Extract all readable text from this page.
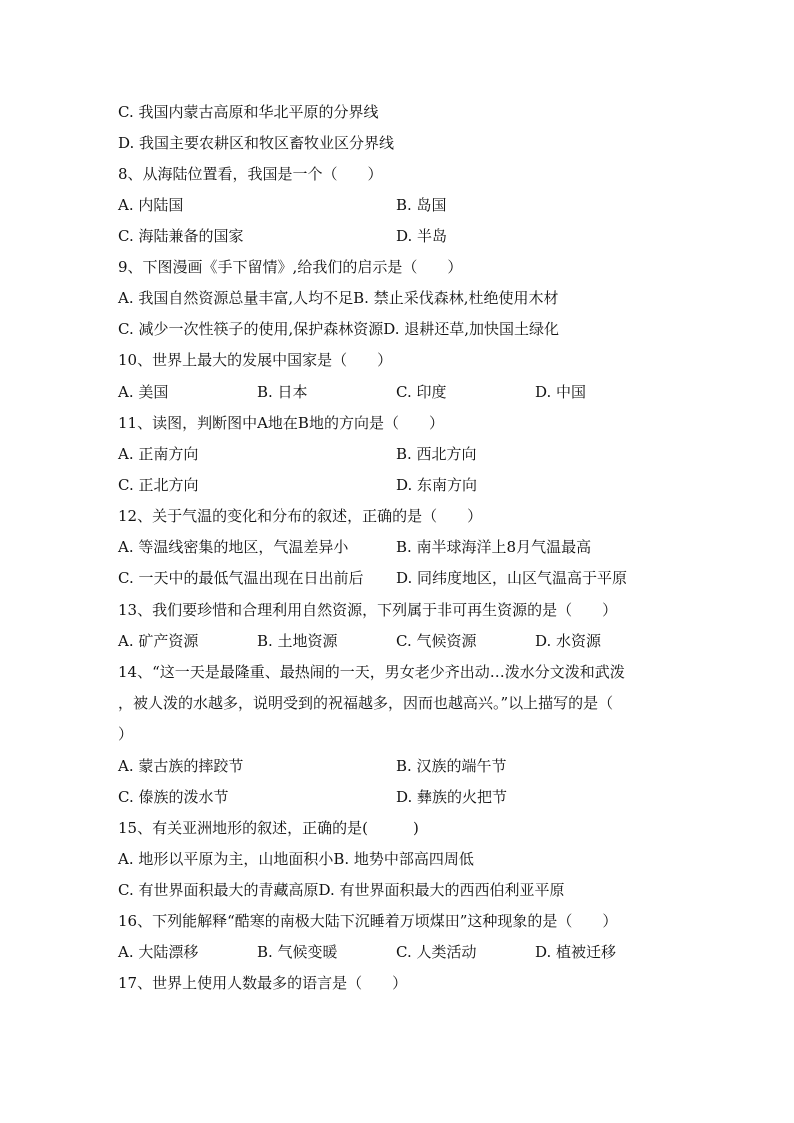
C. 我国内蒙古高原和华北平原的分界线
D. 我国主要农耕区和牧区畜牧业区分界线
8、从海陆位置看，我国是一个（　　）
A. 内陆国	B. 岛国
C. 海陆兼备的国家	D. 半岛
9、下图漫画《手下留情》,给我们的启示是（　　）
A. 我国自然资源总量丰富,人均不足B. 禁止采伐森林,杜绝使用木材
C. 减少一次性筷子的使用,保护森林资源D. 退耕还草,加快国土绿化
10、世界上最大的发展中国家是（　　）
A. 美国	B. 日本	C. 印度	D. 中国
11、读图，判断图中A地在B地的方向是（　　）
A. 正南方向	B. 西北方向
C. 正北方向	D. 东南方向
12、关于气温的变化和分布的叙述，正确的是（　　）
A. 等温线密集的地区，气温差异小	B. 南半球海洋上8月气温最高
C. 一天中的最低气温出现在日出前后 D. 同纬度地区，山区气温高于平原
13、我们要珍惜和合理利用自然资源，下列属于非可再生资源的是（　　）
A. 矿产资源	B. 土地资源	C. 气候资源	D. 水资源
14、“这一天是最隆重、最热闹的一天，男女老少齐出动…泼水分文泼和武泼
，被人泼的水越多，说明受到的祝福越多，因而也越高兴。”以上描写的是（
）
A. 蒙古族的摔跤节	B. 汉族的端午节
C. 傣族的泼水节	D. 彝族的火把节
15、有关亚洲地形的叙述，正确的是(　　　)
A. 地形以平原为主，山地面积小B. 地势中部高四周低
C. 有世界面积最大的青藏高原D. 有世界面积最大的西西伯利亚平原
16、下列能解释“酷寒的南极大陆下沉睡着万顷煤田”这种现象的是（　　）
A. 大陆漂移	B. 气候变暖	C. 人类活动	D. 植被迁移
17、世界上使用人数最多的语言是（　　）
